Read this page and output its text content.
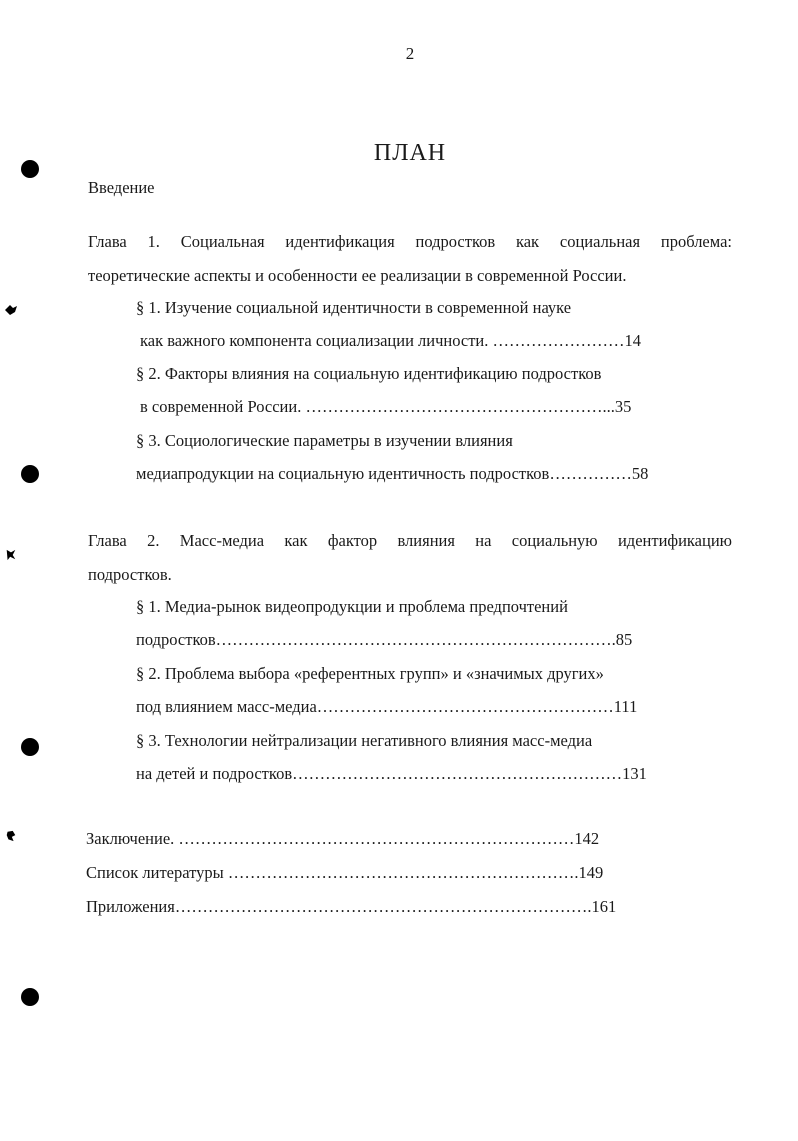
2
ПЛАН
Введение
Глава 1. Социальная идентификация подростков как социальная проблема:
теоретические аспекты и особенности ее реализации в современной России.
§ 1. Изучение социальной идентичности в современной науке
как важного компонента социализации личности. ……………………14
§ 2. Факторы влияния на социальную идентификацию подростков
в современной России. ………………………………………………...35
§ 3. Социологические параметры в изучении влияния
медиапродукции на социальную идентичность подростков……………58
Глава 2. Масс-медиа как фактор влияния на социальную идентификацию
подростков.
§ 1. Медиа-рынок видеопродукции и проблема предпочтений
подростков……………………………………………………………….85
§ 2. Проблема выбора «референтных групп» и «значимых других»
под влиянием масс-медиа………………………………………………111
§ 3. Технологии нейтрализации негативного влияния масс-медиа
на детей и подростков……………………………………………………131
Заключение. ………………………………………………………………142
Список литературы ……………………………………………………….149
Приложения………………………………………………………………….161
